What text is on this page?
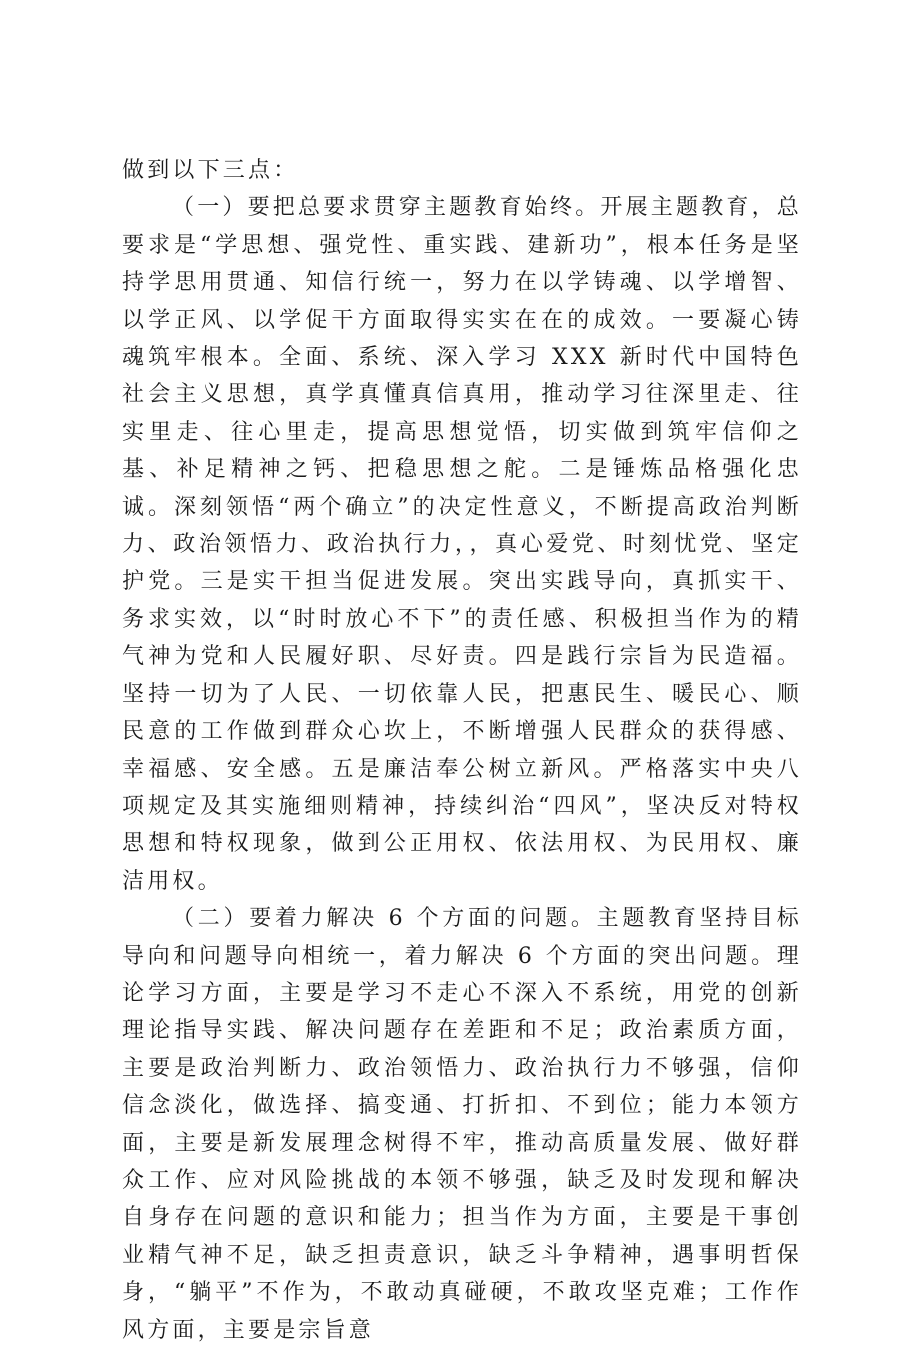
做到以下三点：

（一）要把总要求贯穿主题教育始终。开展主题教育，总要求是“学思想、强党性、重实践、建新功”，根本任务是坚持学思用贯通、知信行统一，努力在以学铸魂、以学增智、以学正风、以学促干方面取得实实在在的成效。一要凝心铸魂筑牢根本。全面、系统、深入学习 XXX 新时代中国特色社会主义思想，真学真懂真信真用，推动学习往深里走、往实里走、往心里走，提高思想觉悟，切实做到筑牢信仰之基、补足精神之钙、把稳思想之舵。二是锤炼品格强化忠诚。深刻领悟“两个确立”的决定性意义，不断提高政治判断力、政治领悟力、政治执行力，，真心爱党、时刻忧党、坚定护党。三是实干担当促进发展。突出实践导向，真抓实干、务求实效，以“时时放心不下”的责任感、积极担当作为的精气神为党和人民履好职、尽好责。四是践行宗旨为民造福。坚持一切为了人民、一切依靠人民，把惠民生、暖民心、顺民意的工作做到群众心坎上，不断增强人民群众的获得感、幸福感、安全感。五是廉洁奉公树立新风。严格落实中央八项规定及其实施细则精神，持续纠治“四风”，坚决反对特权思想和特权现象，做到公正用权、依法用权、为民用权、廉洁用权。

（二）要着力解决 6 个方面的问题。主题教育坚持目标导向和问题导向相统一，着力解决 6 个方面的突出问题。理论学习方面，主要是学习不走心不深入不系统，用党的创新理论指导实践、解决问题存在差距和不足；政治素质方面，主要是政治判断力、政治领悟力、政治执行力不够强，信仰信念淡化，做选择、搞变通、打折扣、不到位；能力本领方面，主要是新发展理念树得不牢，推动高质量发展、做好群众工作、应对风险挑战的本领不够强，缺乏及时发现和解决自身存在问题的意识和能力；担当作为方面，主要是干事创业精气神不足，缺乏担责意识，缺乏斗争精神，遇事明哲保身，“躺平”不作为，不敢动真碰硬，不敢攻坚克难；工作作风方面，主要是宗旨意
